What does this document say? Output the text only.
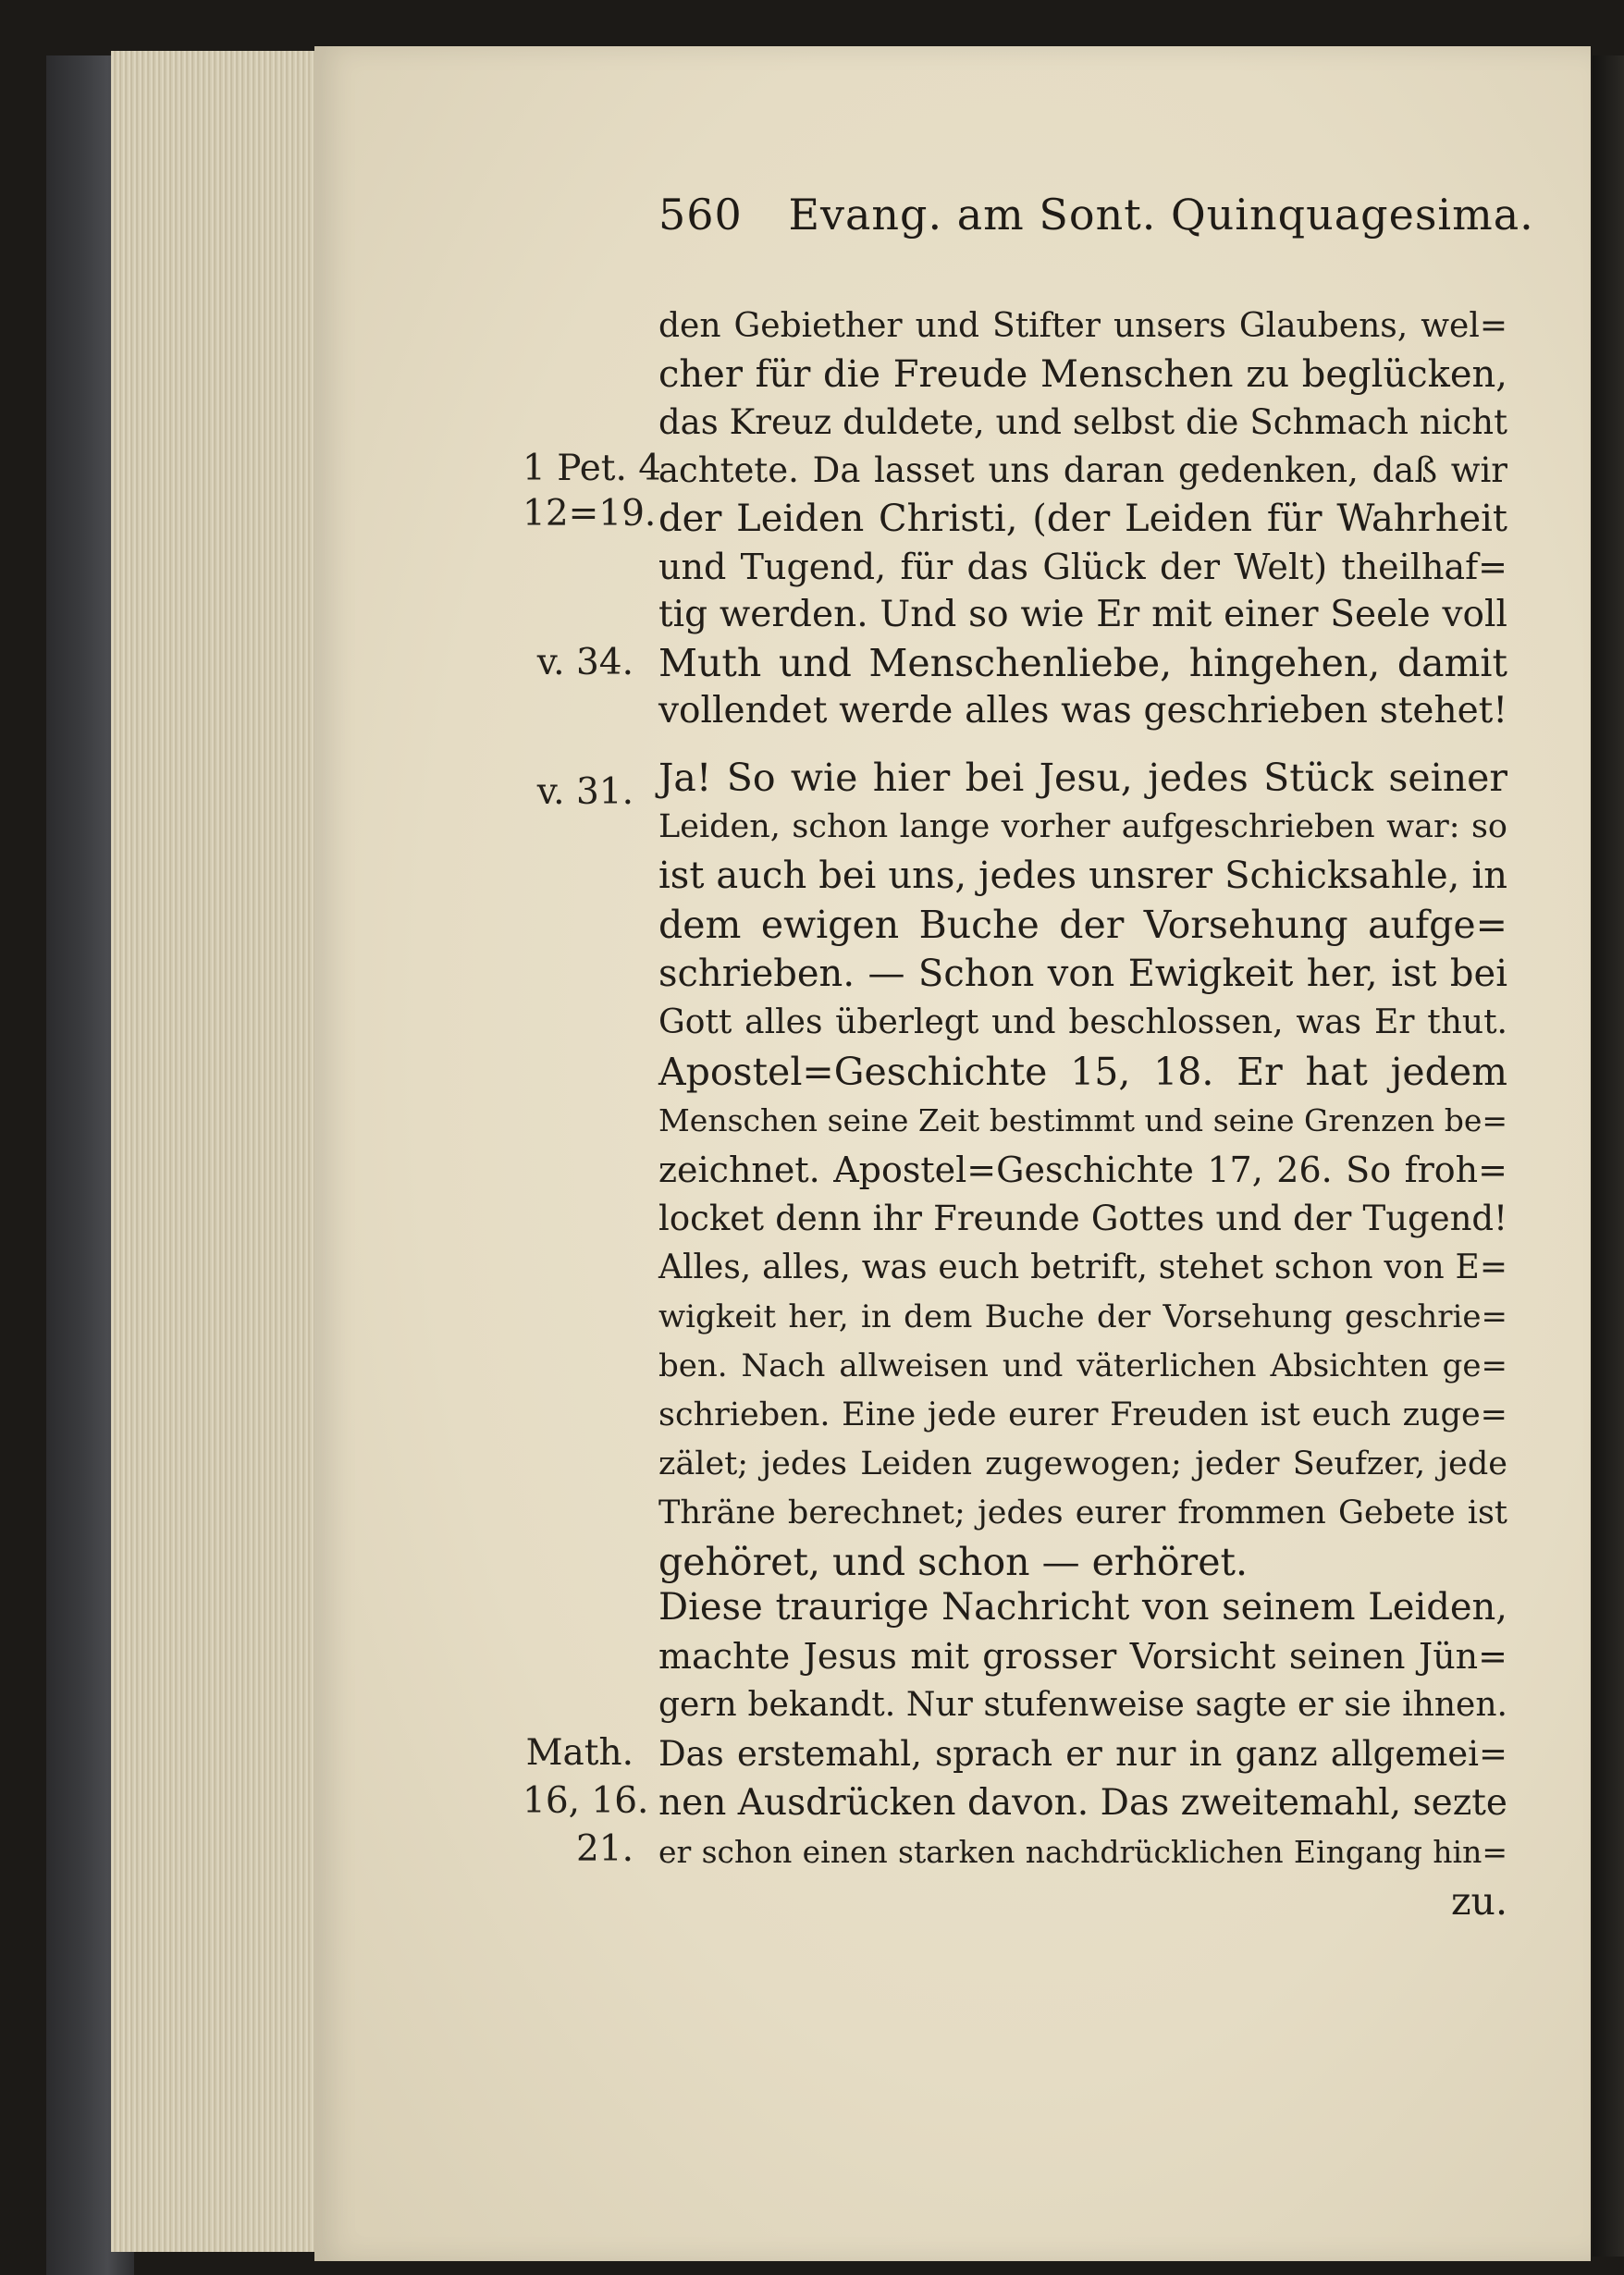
560 Evang. am Sont. Quinquagesima.
den Gebiether und Stifter unsers Glaubens, wel=
cher für die Freude Menschen zu beglücken,
das Kreuz duldete, und selbst die Schmach nicht
achtete. Da lasset uns daran gedenken, daß wir
der Leiden Christi, (der Leiden für Wahrheit
und Tugend, für das Glück der Welt) theilhaf=
tig werden. Und so wie Er mit einer Seele voll
Muth und Menschenliebe, hingehen, damit
vollendet werde alles was geschrieben stehet!
Ja! So wie hier bei Jesu, jedes Stück seiner
Leiden, schon lange vorher aufgeschrieben war: so
ist auch bei uns, jedes unsrer Schicksahle, in
dem ewigen Buche der Vorsehung aufge=
schrieben. — Schon von Ewigkeit her, ist bei
Gott alles überlegt und beschlossen, was Er thut.
Apostel=Geschichte 15, 18. Er hat jedem
Menschen seine Zeit bestimmt und seine Grenzen be=
zeichnet. Apostel=Geschichte 17, 26. So froh=
locket denn ihr Freunde Gottes und der Tugend!
Alles, alles, was euch betrift, stehet schon von E=
wigkeit her, in dem Buche der Vorsehung geschrie=
ben. Nach allweisen und väterlichen Absichten ge=
schrieben. Eine jede eurer Freuden ist euch zuge=
zälet; jedes Leiden zugewogen; jeder Seufzer, jede
Thräne berechnet; jedes eurer frommen Gebete ist
gehöret, und schon — erhöret.
Diese traurige Nachricht von seinem Leiden,
machte Jesus mit grosser Vorsicht seinen Jün=
gern bekandt. Nur stufenweise sagte er sie ihnen.
Das erstemahl, sprach er nur in ganz allgemei=
nen Ausdrücken davon. Das zweitemahl, sezte
er schon einen starken nachdrücklichen Eingang hin=
zu.
1 Pet. 4
12=19.
v. 34.
v. 31.
Math.
16, 16.
21.
